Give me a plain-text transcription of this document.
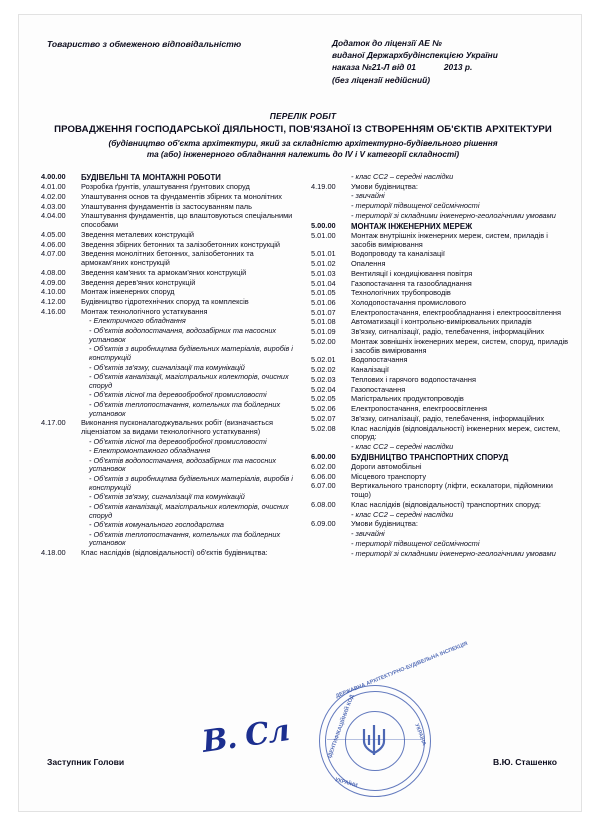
Товариство з обмеженою відповідальністю	Додаток до ліцензії АЕ №
виданої Держархбудінспекцією України
наказа №21-Л від 01            2013 р.
(без ліцензії недійсний)
ПЕРЕЛІК РОБІТ
ПРОВАДЖЕННЯ ГОСПОДАРСЬКОЇ ДІЯЛЬНОСТІ, ПОВ'ЯЗАНОЇ ІЗ СТВОРЕННЯМ ОБ'ЄКТІВ АРХІТЕКТУРИ
(будівництво об'єкта архітектури, який за складністю архітектурно-будівельного рішення
та (або) інженерного обладнання належить до IV i V категорії складності)
4.00.00	БУДІВЕЛЬНІ ТА МОНТАЖНІ РОБОТИ
4.01.00	Розробка ґрунтів, улаштування ґрунтових споруд
4.02.00	Улаштування основ та фундаментів збірних та монолітних
4.03.00	Улаштування фундаментів із застосуванням паль
4.04.00	Улаштування фундаментів, що влаштовуються спеціальними способами
4.05.00	Зведення металевих конструкцій
4.06.00	Зведення збірних бетонних та залізобетонних конструкцій
4.07.00	Зведення монолітних бетонних, залізобетонних та армокам'яних конструкцій
4.08.00	Зведення кам'яних та армокам'яних конструкцій
4.09.00	Зведення дерев'яних конструкцій
4.10.00	Монтаж інженерних споруд
4.12.00	Будівництво гідротехнічних споруд та комплексів
4.16.00	Монтаж технологічного устаткування
- Електричного обладнання
- Об'єктів водопостачання, водозабірних та насосних установок
- Об'єктів з виробництва будівельних матеріалів, виробів і конструкцій
- Об'єктів зв'язку, сигналізації та комунікацій
- Об'єктів каналізації, магістральних колекторів, очисних споруд
- Об'єктів лісної та деревообробної промисловості
- Об'єктів теплопостачання, котельних та бойлерних установок
4.17.00	Виконання пусконалагоджувальних робіт (визначається ліцензіатом за видами технологічного устаткування)
- Об'єктів лісної та деревообробної промисловості
- Електромонтажного обладнання
- Об'єктів водопостачання, водозабірних та насосних установок
- Об'єктів з виробництва будівельних матеріалів, виробів і конструкцій
- Об'єктів зв'язку, сигналізації та комунікацій
- Об'єктів каналізації, магістральних колекторів, очисних споруд
- Об'єктів комунального господарства
- Об'єктів теплопостачання, котельних та бойлерних установок
4.18.00	Клас наслідків (відповідальності) об'єктів будівництва:
- клас СС2 – середні наслідки
4.19.00	Умови будівництва:
- звичайні
- території підвищеної сейсмічності
- території зі складними інженерно-геологічними умовами
5.00.00	МОНТАЖ ІНЖЕНЕРНИХ МЕРЕЖ
5.01.00	Монтаж внутрішніх інженерних мереж, систем, приладів і засобів вимірювання
5.01.01	Водопроводу та каналізації
5.01.02	Опалення
5.01.03	Вентиляції і кондиціювання повітря
5.01.04	Газопостачання та газообладнання
5.01.05	Технологічних трубопроводів
5.01.06	Холодопостачання промислового
5.01.07	Електропостачання, електрообладнання і електроосвітлення
5.01.08	Автоматизації і контрольно-вимірювальних приладів
5.01.09	Зв'язку, сигналізації, радіо, телебачення, інформаційних
5.02.00	Монтаж зовнішніх інженерних мереж, систем, споруд, приладів і засобів вимірювання
5.02.01	Водопостачання
5.02.02	Каналізації
5.02.03	Теплових і гарячого водопостачання
5.02.04	Газопостачання
5.02.05	Магістральних продуктопроводів
5.02.06	Електропостачання, електроосвітлення
5.02.07	Зв'язку, сигналізації, радіо, телебачення, інформаційних
5.02.08	Клас наслідків (відповідальності) інженерних мереж, систем, споруд:
- клас СС2 – середні наслідки
6.00.00	БУДІВНИЦТВО ТРАНСПОРТНИХ СПОРУД
6.02.00	Дороги автомобільні
6.06.00	Місцевого транспорту
6.07.00	Вертикального транспорту (ліфти, ескалатори, підйомники тощо)
6.08.00	Клас наслідків (відповідальності) транспортних споруд:
- клас СС2 – середні наслідки
6.09.00	Умови будівництва:
- звичайні
- території підвищеної сейсмічності
- території зі складними інженерно-геологічними умовами
Заступник Голови
В. Сл
В.Ю. Сташенко
ДЕРЖАВНА АРХІТЕКТУРНО-БУДІВЕЛЬНА ІНСПЕКЦІЯ
УКРАЇНИ
ІДЕНТИФІКАЦІЙНИЙ КОД	УКРАЇНА
